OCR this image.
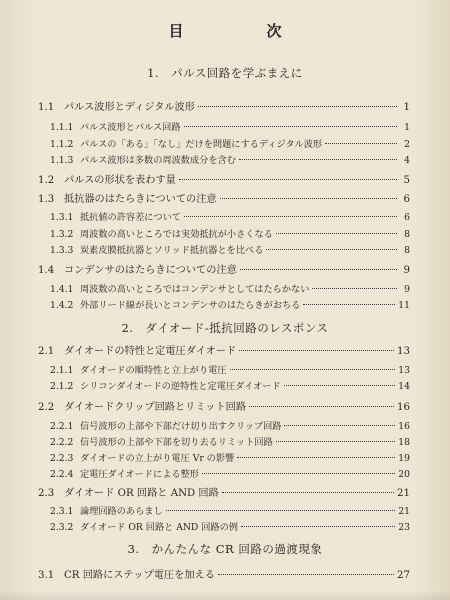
目　次
1. パルス回路を学ぶまえに
1.1 パルス波形とディジタル波形	1
1.1.1 パルス波形とパルス回路	1
1.1.2 パルスの「ある」「なし」だけを問題にするディジタル波形	2
1.1.3 パルス波形は多数の周波数成分を含む	4
1.2 パルスの形状を表わす量	5
1.3 抵抗器のはたらきについての注意	6
1.3.1 抵抗値の許容差について	6
1.3.2 周波数の高いところでは実効抵抗が小さくなる	8
1.3.3 炭素皮膜抵抗器とソリッド抵抗器とを比べる	8
1.4 コンデンサのはたらきについての注意	9
1.4.1 周波数の高いところではコンデンサとしてはたらかない	9
1.4.2 外部リード線が長いとコンデンサのはたらきがおちる	11
2. ダイオード-抵抗回路のレスポンス
2.1 ダイオードの特性と定電圧ダイオード	13
2.1.1 ダイオードの順特性と立上がり電圧	13
2.1.2 シリコンダイオードの逆特性と定電圧ダイオード	14
2.2 ダイオードクリップ回路とリミット回路	16
2.2.1 信号波形の上部や下部だけ切り出すクリップ回路	16
2.2.2 信号波形の上部や下部を切り去るリミット回路	18
2.2.3 ダイオードの立上がり電圧 Vr の影響	19
2.2.4 定電圧ダイオードによる整形	20
2.3 ダイオード OR 回路と AND 回路	21
2.3.1 論理回路のあらまし	21
2.3.2 ダイオード OR 回路と AND 回路の例	23
3. かんたんな CR 回路の過渡現象
3.1 CR 回路にステップ電圧を加える	27
